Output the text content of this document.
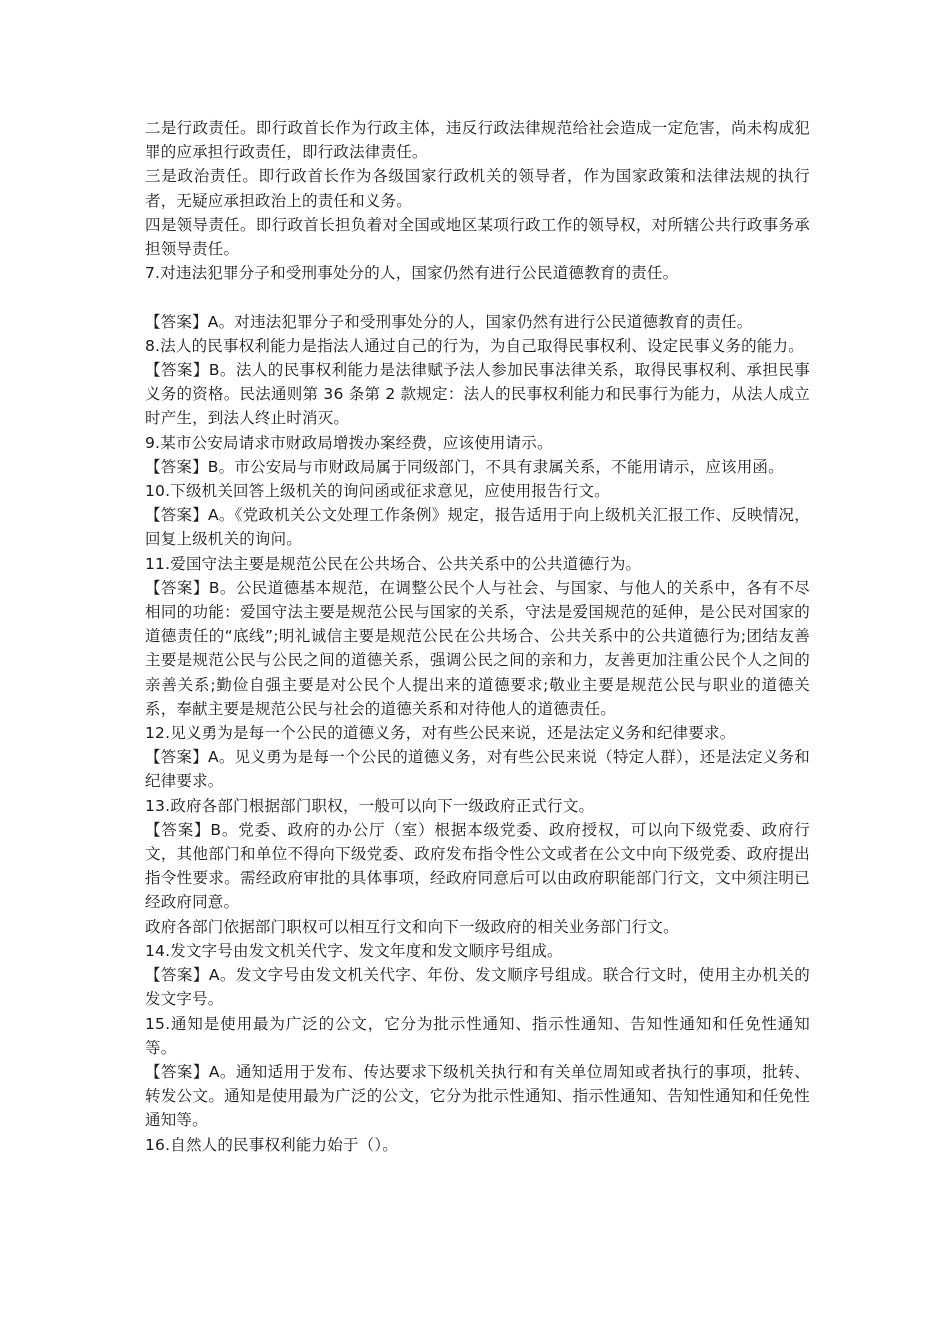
二是行政责任。即行政首长作为行政主体，违反行政法律规范给社会造成一定危害，尚未构成犯罪的应承担行政责任，即行政法律责任。

三是政治责任。即行政首长作为各级国家行政机关的领导者，作为国家政策和法律法规的执行者，无疑应承担政治上的责任和义务。

四是领导责任。即行政首长担负着对全国或地区某项行政工作的领导权，对所辖公共行政事务承担领导责任。

7.对违法犯罪分子和受刑事处分的人，国家仍然有进行公民道德教育的责任。

【答案】A。对违法犯罪分子和受刑事处分的人，国家仍然有进行公民道德教育的责任。

8.法人的民事权利能力是指法人通过自己的行为，为自己取得民事权利、设定民事义务的能力。

【答案】B。法人的民事权利能力是法律赋予法人参加民事法律关系，取得民事权利、承担民事义务的资格。民法通则第 36 条第 2 款规定：法人的民事权利能力和民事行为能力，从法人成立时产生，到法人终止时消灭。

9.某市公安局请求市财政局增拨办案经费，应该使用请示。

【答案】B。市公安局与市财政局属于同级部门，不具有隶属关系，不能用请示，应该用函。

10.下级机关回答上级机关的询问函或征求意见，应使用报告行文。

【答案】A。《党政机关公文处理工作条例》规定，报告适用于向上级机关汇报工作、反映情况，回复上级机关的询问。

11.爱国守法主要是规范公民在公共场合、公共关系中的公共道德行为。

【答案】B。公民道德基本规范，在调整公民个人与社会、与国家、与他人的关系中，各有不尽相同的功能：爱国守法主要是规范公民与国家的关系，守法是爱国规范的延伸，是公民对国家的道德责任的“底线”;明礼诚信主要是规范公民在公共场合、公共关系中的公共道德行为;团结友善主要是规范公民与公民之间的道德关系，强调公民之间的亲和力，友善更加注重公民个人之间的亲善关系;勤俭自强主要是对公民个人提出来的道德要求;敬业主要是规范公民与职业的道德关系，奉献主要是规范公民与社会的道德关系和对待他人的道德责任。

12.见义勇为是每一个公民的道德义务，对有些公民来说，还是法定义务和纪律要求。

【答案】A。见义勇为是每一个公民的道德义务，对有些公民来说（特定人群），还是法定义务和纪律要求。

13.政府各部门根据部门职权，一般可以向下一级政府正式行文。

【答案】B。党委、政府的办公厅（室）根据本级党委、政府授权，可以向下级党委、政府行文，其他部门和单位不得向下级党委、政府发布指令性公文或者在公文中向下级党委、政府提出指令性要求。需经政府审批的具体事项，经政府同意后可以由政府职能部门行文，文中须注明已经政府同意。

政府各部门依据部门职权可以相互行文和向下一级政府的相关业务部门行文。

14.发文字号由发文机关代字、发文年度和发文顺序号组成。

【答案】A。发文字号由发文机关代字、年份、发文顺序号组成。联合行文时，使用主办机关的发文字号。

15.通知是使用最为广泛的公文，它分为批示性通知、指示性通知、告知性通知和任免性通知等。

【答案】A。通知适用于发布、传达要求下级机关执行和有关单位周知或者执行的事项，批转、转发公文。通知是使用最为广泛的公文，它分为批示性通知、指示性通知、告知性通知和任免性通知等。

16.自然人的民事权利能力始于（）。
